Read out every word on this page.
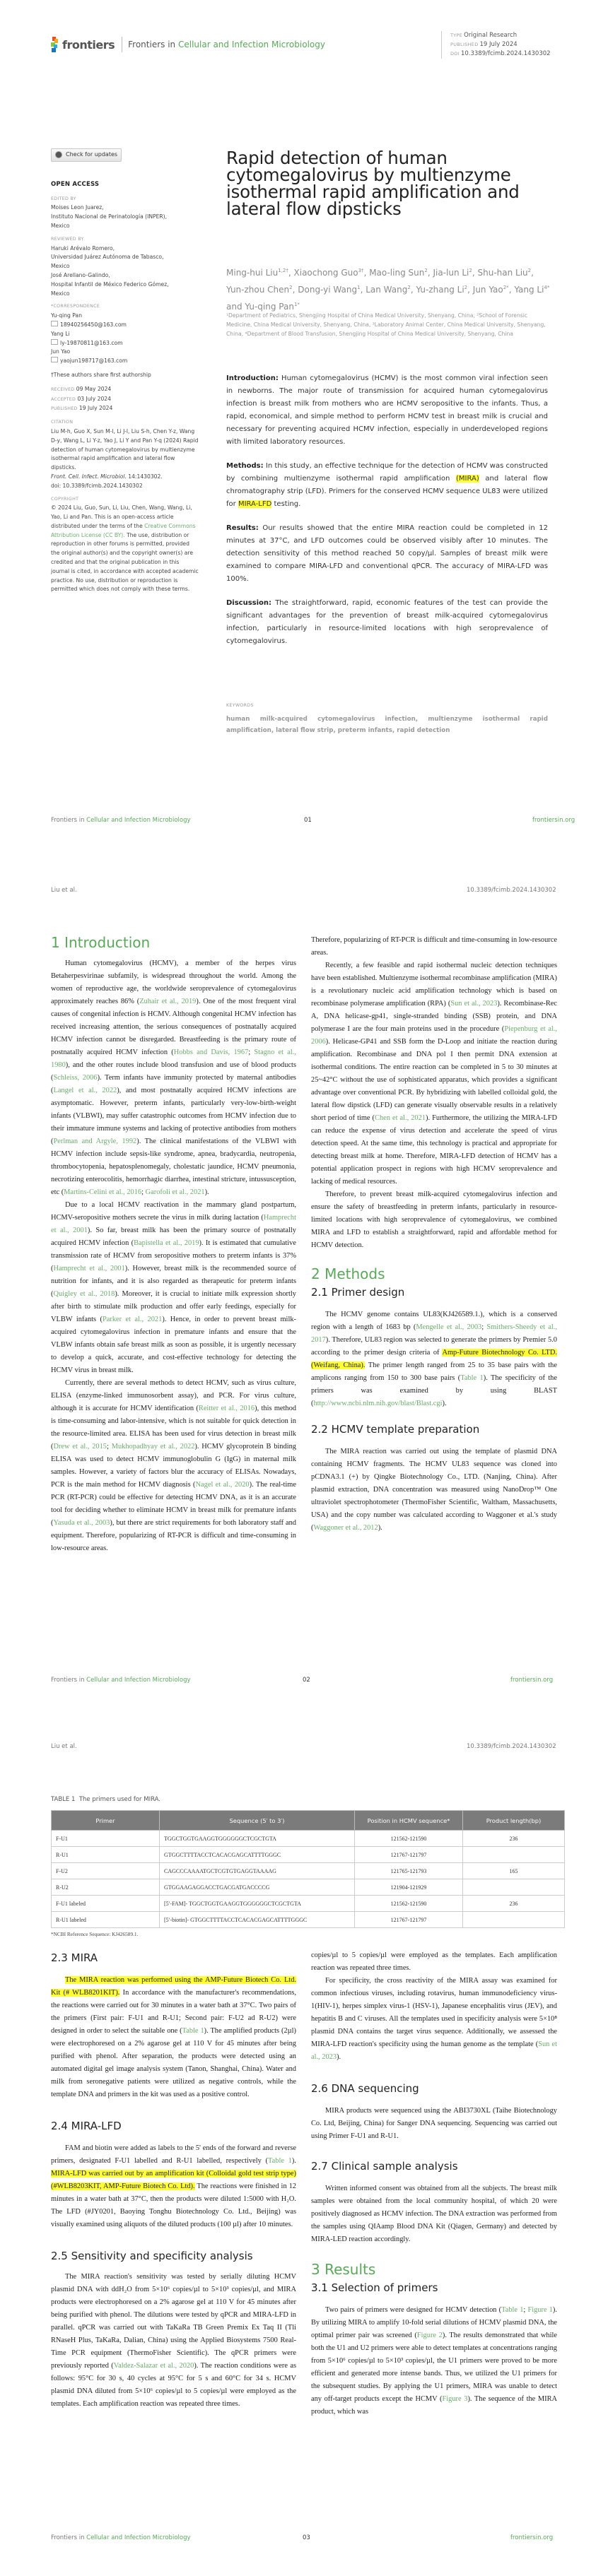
frontiers Frontiers in Cellular and Infection Microbiology
TYPE Original Research
PUBLISHED 19 July 2024
DOI 10.3389/fcimb.2024.1430302
Check for updates
OPEN ACCESS
EDITED BY
Moises Leon Juarez,
Instituto Nacional de Perinatología (INPER),
Mexico
REVIEWED BY
Haruki Arévalo Romero,
Universidad Juárez Autónoma de Tabasco,
Mexico
José Arellano-Galindo,
Hospital Infantil de México Federico Gómez,
Mexico
*CORRESPONDENCE
Yu-qing Pan
18940256450@163.com
Yang Li
ly-19870811@163.com
Jun Yao
yaojun198717@163.com
†These authors share first authorship
RECEIVED 09 May 2024
ACCEPTED 03 July 2024
PUBLISHED 19 July 2024
CITATION
Liu M-h, Guo X, Sun M-l, Li J-l, Liu S-h, Chen Y-z, Wang D-y, Wang L, Li Y-z, Yao J, Li Y and Pan Y-q (2024) Rapid detection of human cytomegalovirus by multienzyme isothermal rapid amplification and lateral flow dipsticks.
Front. Cell. Infect. Microbiol. 14:1430302.
doi: 10.3389/fcimb.2024.1430302
COPYRIGHT
© 2024 Liu, Guo, Sun, Li, Liu, Chen, Wang, Wang, Li, Yao, Li and Pan. This is an open-access article distributed under the terms of the Creative Commons Attribution License (CC BY). The use, distribution or reproduction in other forums is permitted, provided the original author(s) and the copyright owner(s) are credited and that the original publication in this journal is cited, in accordance with accepted academic practice. No use, distribution or reproduction is permitted which does not comply with these terms.
Rapid detection of human cytomegalovirus by multienzyme isothermal rapid amplification and lateral flow dipsticks
Ming-hui Liu$^{1,2\dagger}$, Xiaochong Guo$^{3\dagger}$, Mao-ling Sun$^2$, Jia-lun Li$^2$, Shu-han Liu$^2$, Yun-zhou Chen$^2$, Dong-yi Wang$^1$, Lan Wang$^2$, Yu-zhang Li$^2$, Jun Yao$^{2*}$, Yang $Li^{4*}$ and Yu-qing Pan$^{1*}$
¹Department of Pediatrics, Shengjing Hospital of China Medical University, Shenyang, China, ²School of Forensic Medicine, China Medical University, Shenyang, China, ³Laboratory Animal Center, China Medical University, Shenyang, China, ⁴Department of Blood Transfusion, Shengjing Hospital of China Medical University, Shenyang, China

Introduction: Human cytomegalovirus (HCMV) is the most common viral infection seen in newborns. The major route of transmission for acquired human cytomegalovirus infection is breast milk from mothers who are HCMV seropositive to the infants. Thus, a rapid, economical, and simple method to perform HCMV test in breast milk is crucial and necessary for preventing acquired HCMV infection, especially in underdeveloped regions with limited laboratory resources.

Methods: In this study, an effective technique for the detection of HCMV was constructed by combining multienzyme isothermal rapid amplification (MIRA) and lateral flow chromatography strip (LFD). Primers for the conserved HCMV sequence UL83 were utilized for MIRA-LFD testing.

Results: Our results showed that the entire MIRA reaction could be completed in 12 minutes at 37°C, and LFD outcomes could be observed visibly after 10 minutes. The detection sensitivity of this method reached 50 copy/µl. Samples of breast milk were examined to compare MIRA-LFD and conventional qPCR. The accuracy of MIRA-LFD was 100%.

Discussion: The straightforward, rapid, economic features of the test can provide the significant advantages for the prevention of breast milk-acquired cytomegalovirus infection, particularly in resource-limited locations with high seroprevalence of cytomegalovirus.

KEYWORDS
human milk-acquired cytomegalovirus infection, multienzyme isothermal rapid amplification, lateral flow strip, preterm infants, rapid detection
Frontiers in Cellular and Infection Microbiology	01	frontiersin.org
Liu et al.	10.3389/fcimb.2024.1430302
1 Introduction

Human cytomegalovirus (HCMV), a member of the herpes virus Betaherpesvirinae subfamily, is widespread throughout the world. Among the women of reproductive age, the worldwide seroprevalence of cytomegalovirus approximately reaches 86% (Zuhair et al., 2019). One of the most frequent viral causes of congenital infection is HCMV. Although congenital HCMV infection has received increasing attention, the serious consequences of postnatally acquired HCMV infection cannot be disregarded. Breastfeeding is the primary route of postnatally acquired HCMV infection (Hobbs and Davis, 1967; Stagno et al., 1980), and the other routes include blood transfusion and use of blood products (Schleiss, 2006). Term infants have immunity protected by maternal antibodies (Langel et al., 2022), and most postnatally acquired HCMV infections are asymptomatic. However, preterm infants, particularly very-low-birth-weight infants (VLBWI), may suffer catastrophic outcomes from HCMV infection due to their immature immune systems and lacking of protective antibodies from mothers (Perlman and Argyle, 1992). The clinical manifestations of the VLBWI with HCMV infection include sepsis-like syndrome, apnea, bradycardia, neutropenia, thrombocytopenia, hepatosplenomegaly, cholestatic jaundice, HCMV pneumonia, necrotizing enterocolitis, hemorrhagic diarrhea, intestinal stricture, intussusception, etc (Martins-Celini et al., 2016; Garofoli et al., 2021).

Due to a local HCMV reactivation in the mammary gland postpartum, HCMV-seropositive mothers secrete the virus in milk during lactation (Hamprecht et al., 2001). So far, breast milk has been the primary source of postnatally acquired HCMV infection (Bapistella et al., 2019). It is estimated that cumulative transmission rate of HCMV from seropositive mothers to preterm infants is 37% (Hamprecht et al., 2001). However, breast milk is the recommended source of nutrition for infants, and it is also regarded as therapeutic for preterm infants (Quigley et al., 2018). Moreover, it is crucial to initiate milk expression shortly after birth to stimulate milk production and offer early feedings, especially for VLBW infants (Parker et al., 2021). Hence, in order to prevent breast milk-acquired cytomegalovirus infection in premature infants and ensure that the VLBW infants obtain safe breast milk as soon as possible, it is urgently necessary to develop a quick, accurate, and cost-effective technology for detecting the HCMV virus in breast milk.

Currently, there are several methods to detect HCMV, such as virus culture, ELISA (enzyme-linked immunosorbent assay), and PCR. For virus culture, although it is accurate for HCMV identification (Reitter et al., 2016), this method is time-consuming and labor-intensive, which is not suitable for quick detection in the resource-limited area. ELISA has been used for virus detection in breast milk (Drew et al., 2015; Mukhopadhyay et al., 2022). HCMV glycoprotein B binding ELISA was used to detect HCMV immunoglobulin G (IgG) in maternal milk samples. However, a variety of factors blur the accuracy of ELISAs. Nowadays, PCR is the main method for HCMV diagnosis (Nagel et al., 2020). The real-time PCR (RT-PCR) could be effective for detecting HCMV DNA, as it is an accurate tool for deciding whether to eliminate HCMV in breast milk for premature infants (Yasuda et al., 2003), but there are strict requirements for both laboratory staff and equipment. Therefore, popularizing of RT-PCR is difficult and time-consuming in low-resource areas.

Therefore, popularizing of RT-PCR is difficult and time-consuming in low-resource areas.

Recently, a few feasible and rapid isothermal nucleic detection techniques have been established. Multienzyme isothermal recombinase amplification (MIRA) is a revolutionary nucleic acid amplification technology which is based on recombinase polymerase amplification (RPA) (Sun et al., 2023). Recombinase-Rec A, DNA helicase-gp41, single-stranded binding (SSB) protein, and DNA polymerase I are the four main proteins used in the procedure (Piepenburg et al., 2006). Helicase-GP41 and SSB form the D-Loop and initiate the reaction during amplification. Recombinase and DNA pol I then permit DNA extension at isothermal conditions. The entire reaction can be completed in 5 to 30 minutes at 25~42°C without the use of sophisticated apparatus, which provides a significant advantage over conventional PCR. By hybridizing with labelled colloidal gold, the lateral flow dipstick (LFD) can generate visually observable results in a relatively short period of time (Chen et al., 2021). Furthermore, the utilizing the MIRA-LFD can reduce the expense of virus detection and accelerate the speed of virus detection speed. At the same time, this technology is practical and appropriate for detecting breast milk at home. Therefore, MIRA-LFD detection of HCMV has a potential application prospect in regions with high HCMV seroprevalence and lacking of medical resources.

Therefore, to prevent breast milk-acquired cytomegalovirus infection and ensure the safety of breastfeeding in preterm infants, particularly in resource-limited locations with high seroprevalence of cytomegalovirus, we combined MIRA and LFD to establish a straightforward, rapid and affordable method for HCMV detection.

2 Methods
2.1 Primer design

The HCMV genome contains UL83(KJ426589.1.), which is a conserved region with a length of 1683 bp (Mengelle et al., 2003; Smithers-Sheedy et al., 2017). Therefore, UL83 region was selected to generate the primers by Premier 5.0 according to the primer design criteria of Amp-Future Biotechnology Co. LTD. (Weifang, China). The primer length ranged from 25 to 35 base pairs with the amplicons ranging from 150 to 300 base pairs (Table 1). The specificity of the primers was examined by using BLAST (http://www.ncbi.nlm.nih.gov/blast/Blast.cgi).

2.2 HCMV template preparation

The MIRA reaction was carried out using the template of plasmid DNA containing HCMV fragments. The HCMV UL83 sequence was cloned into pCDNA3.1 (+) by Qingke Biotechnology Co., LTD. (Nanjing, China). After plasmid extraction, DNA concentration was measured using NanoDrop™ One ultraviolet spectrophotometer (ThermoFisher Scientific, Waltham, Massachusetts, USA) and the copy number was calculated according to Waggoner et al.'s study (Waggoner et al., 2012).

Frontiers in Cellular and Infection Microbiology	02	frontiersin.org
Liu et al.	10.3389/fcimb.2024.1430302
TABLE 1 The primers used for MIRA.
Primer	Sequence (5′ to 3′)	Position in HCMV sequence*	Product length(bp)
F-U1	TGGCTGGTGAAGGTGGGGGGCTCGCTGTA	121562-121590	236
R-U1	GTGGCTTTTACCTCACACGAGCATTTTGGGC	121767-121797	
F-U2	CAGCCCAAAATGCTCGTGTGAGGTAAAAG	121765-121793	165
R-U2	GTGGAAGAGGACCTGACGATGACCCCG	121904-121929	
F-U1 labeled	[5′-FAM]- TGGCTGGTGAAGGTGGGGGGCTCGCTGTA	121562-121590	236
R-U1 labeled	[5′-biotin]- GTGGCTTTTACCTCACACGAGCATTTTGGGC	121767-121797	
*NCBI Reference Sequence: KJ426589.1.
2.3 MIRA

The MIRA reaction was performed using the AMP-Future Biotech Co. Ltd. Kit (# WLB8201KIT). In accordance with the manufacturer's recommendations, the reactions were carried out for 30 minutes in a water bath at 37°C. Two pairs of the primers (First pair: F-U1 and R-U1; Second pair: F-U2 ad R-U2) were designed in order to select the suitable one (Table 1). The amplified products (2µl) were electrophoresed on a 2% agarose gel at 110 V for 45 minutes after being purified with phenol. After separation, the products were detected using an automated digital gel image analysis system (Tanon, Shanghai, China). Water and milk from seronegative patients were utilized as negative controls, while the template DNA and primers in the kit was used as a positive control.

2.4 MIRA-LFD

FAM and biotin were added as labels to the 5' ends of the forward and reverse primers, designated F-U1 labelled and R-U1 labelled, respectively (Table 1). MIRA-LFD was carried out by an amplification kit (Colloidal gold test strip type) (#WLB8203KIT, AMP-Future Biotech Co. Ltd). The reactions were finished in 12 minutes in a water bath at 37°C, then the products were diluted 1:5000 with H₂O. The LFD (#JY0201, Baoying Tonghu Biotechnology Co. Ltd., Beijing) was visually examined using aliquots of the diluted products (100 µl) after 10 minutes.

2.5 Sensitivity and specificity analysis

The MIRA reaction's sensitivity was tested by serially diluting HCMV plasmid DNA with ddH₂O from 5×10⁶ copies/µl to 5×10³ copies/µl, and MIRA products were electrophoresed on a 2% agarose gel at 110 V for 45 minutes after being purified with phenol. The dilutions were tested by qPCR and MIRA-LFD in parallel. qPCR was carried out with TaKaRa TB Green Premix Ex Taq II (Tli RNaseH Plus, TaKaRa, Dalian, China) using the Applied Biosystems 7500 Real-Time PCR equipment (ThermoFisher Scientific). The qPCR primers were previously reported (Valdez-Salazar et al., 2020). The reaction conditions were as follows: 95°C for 30 s, 40 cycles at 95°C for 5 s and 60°C for 34 s. HCMV plasmid DNA diluted from 5×10⁶ copies/µl to 5 copies/µl were employed as the templates. Each amplification reaction was repeated three times.

copies/µl to 5 copies/µl were employed as the templates. Each amplification reaction was repeated three times.

For specificity, the cross reactivity of the MIRA assay was examined for common infectious viruses, including rotavirus, human immunodeficiency virus-1(HIV-1), herpes simplex virus-1 (HSV-1), Japanese encephalitis virus (JEV), and hepatitis B and C viruses. All the templates used in specificity analysis were 5×10⁸ plasmid DNA contains the target virus sequence. Additionally, we assessed the MIRA-LFD reaction's specificity using the human genome as the template (Sun et al., 2023).

2.6 DNA sequencing

MIRA products were sequenced using the ABI3730XL (Taihe Biotechnology Co. Ltd, Beijing, China) for Sanger DNA sequencing. Sequencing was carried out using Primer F-U1 and R-U1.

2.7 Clinical sample analysis

Written informed consent was obtained from all the subjects. The breast milk samples were obtained from the local community hospital, of which 20 were positively diagnosed as HCMV infection. The DNA extraction was performed from the samples using QIAamp Blood DNA Kit (Qiagen, Germany) and detected by MIRA-LED reaction accordingly.

3 Results
3.1 Selection of primers

Two pairs of primers were designed for HCMV detection (Table 1; Figure 1). By utilizing MIRA to amplify 10-fold serial dilutions of HCMV plasmid DNA, the optimal primer pair was screened (Figure 2). The results demonstrated that while both the U1 and U2 primers were able to detect templates at concentrations ranging from 5×10⁶ copies/µl to 5×10³ copies/µl, the U1 primers were proved to be more efficient and generated more intense bands. Thus, we utilized the U1 primers for the subsequent studies. By applying the U1 primers, MIRA was unable to detect any off-target products except the HCMV (Figure 3). The sequence of the MIRA product, which was

Frontiers in Cellular and Infection Microbiology	03	frontiersin.org
